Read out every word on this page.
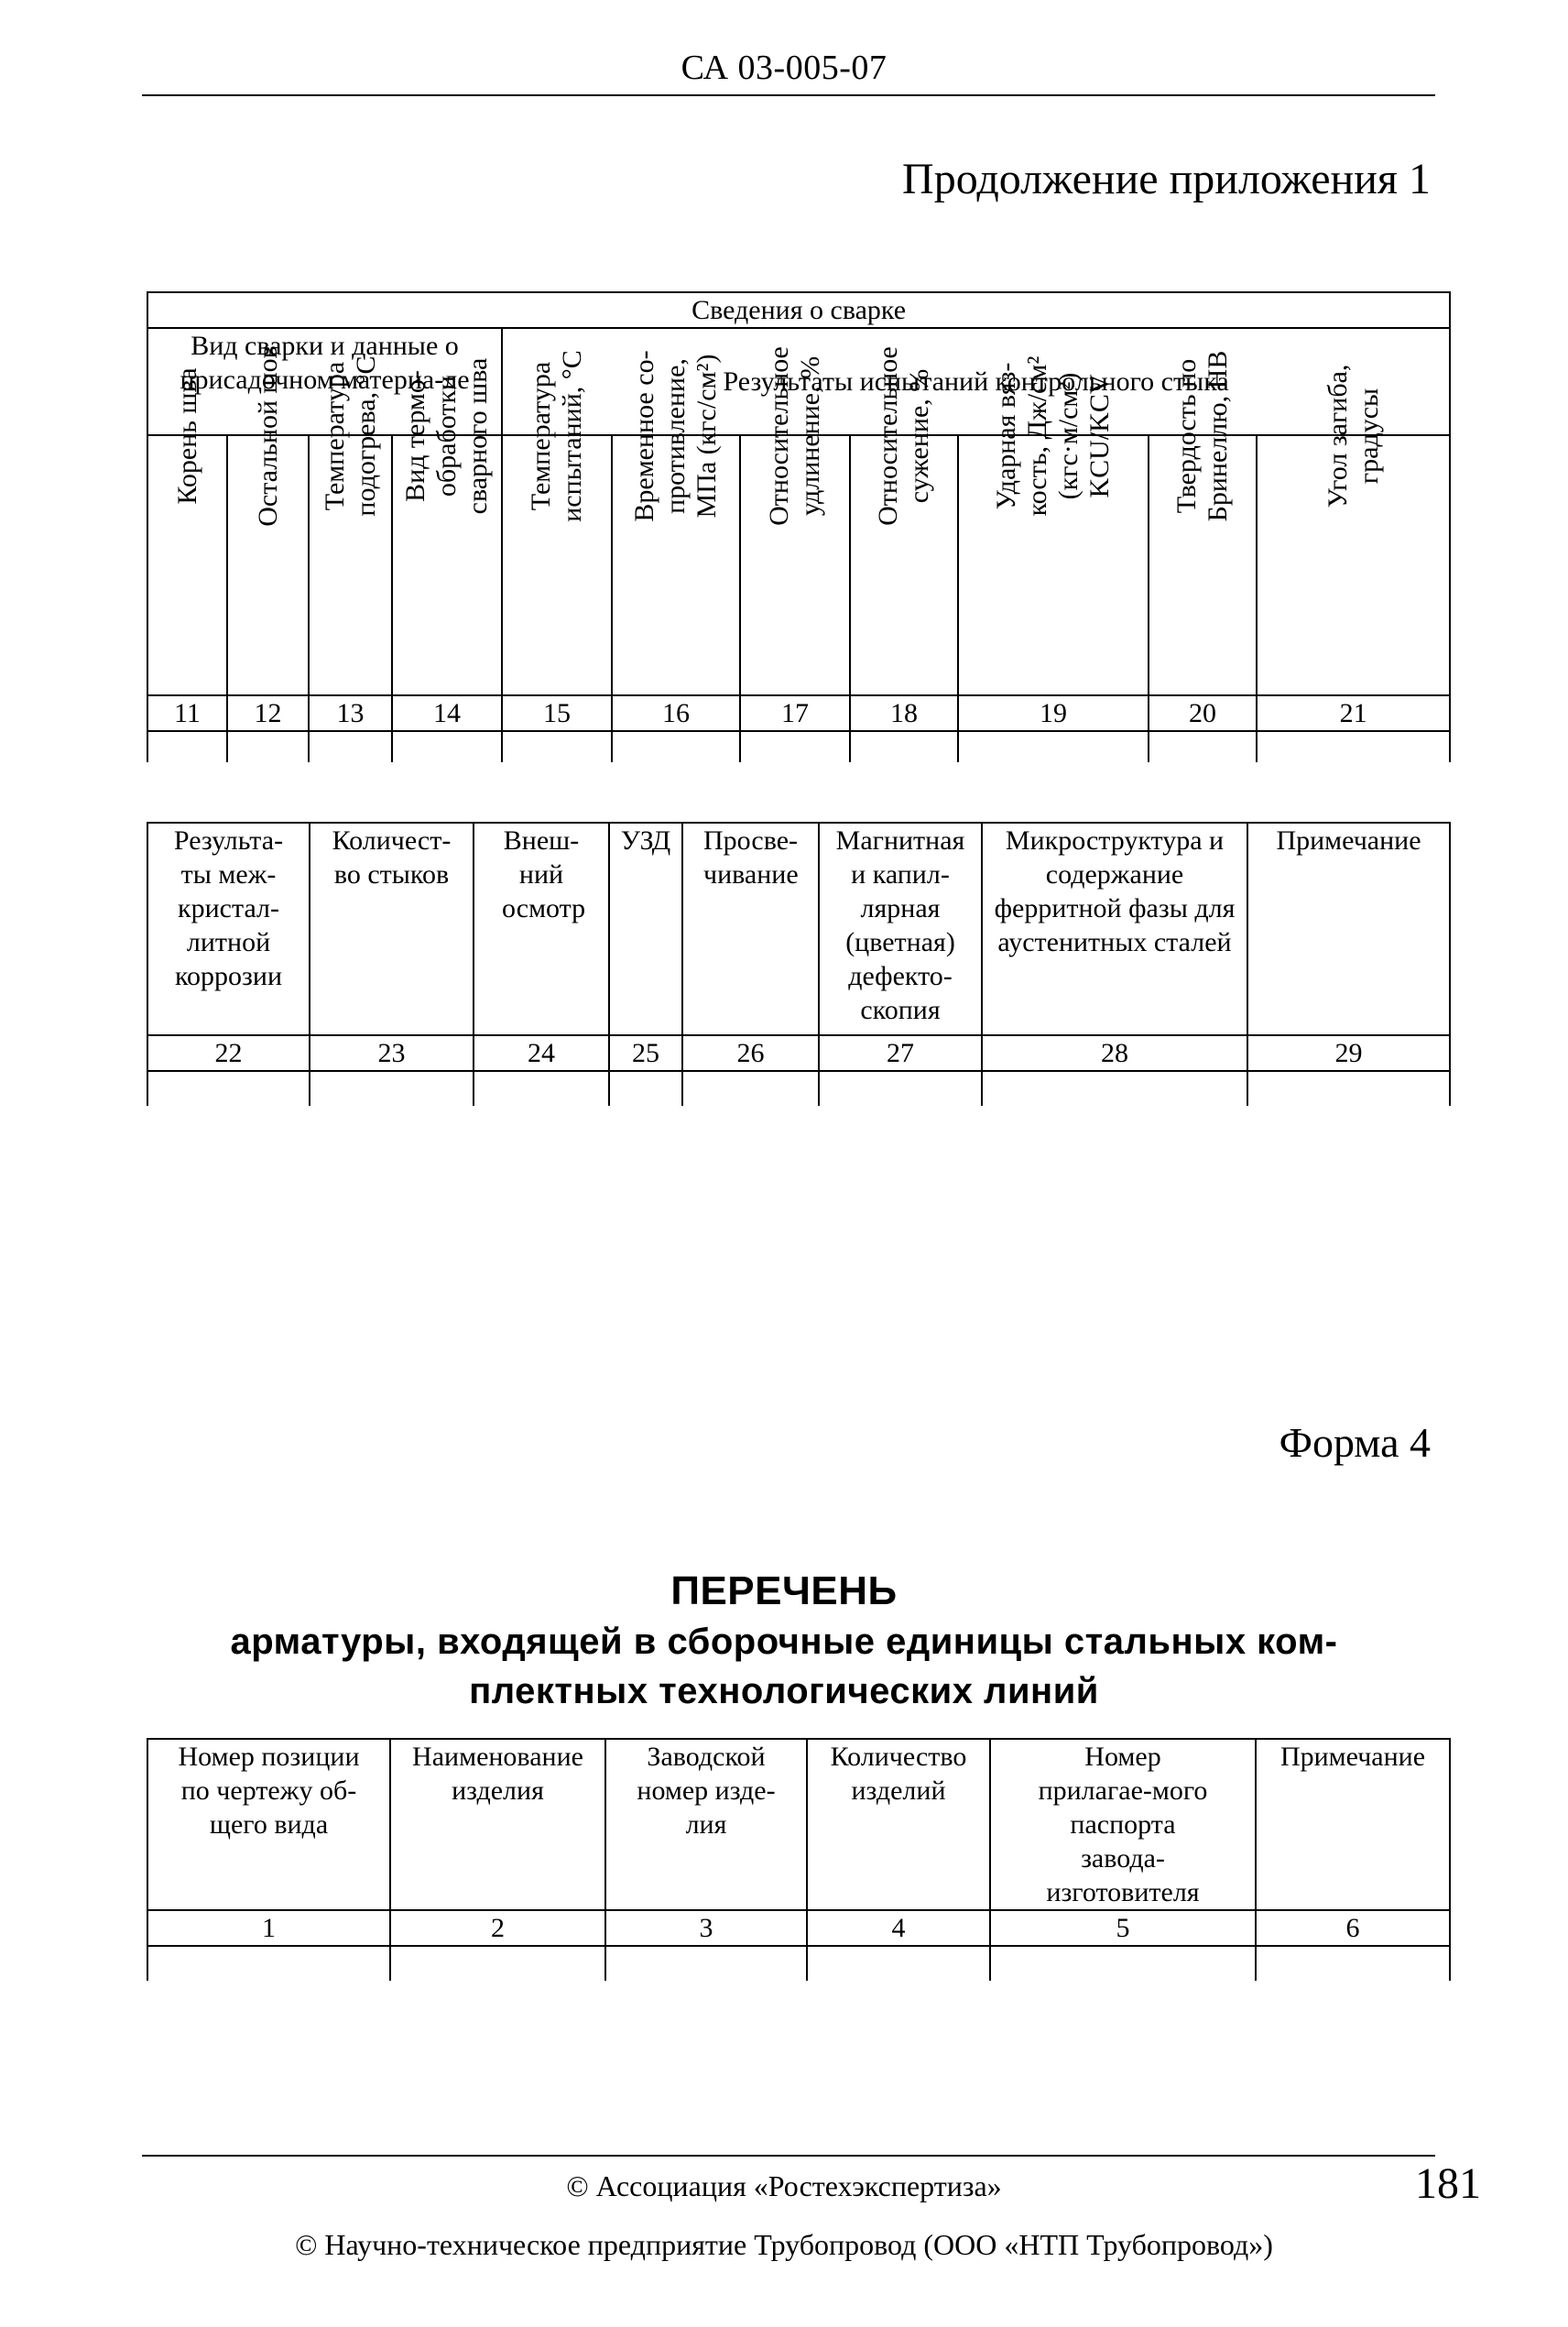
СА 03-005-07
Продолжение приложения 1
Сведения о сварке										
Вид сварки и данные о присадочном материа-ле				Результаты испытаний контрольного стыка						

Корень шва	Остальной шов	Температура подогрева, °С	Вид термо-обработки сварного шва	Температура испытаний, °С	Временное со-противление, МПа (кгс/см²)	Относительное удлинение, %	Относительное сужение, %	Ударная вяз-кость, Дж/см² (кгс·м/см²) KCU/KCV	Твердость по Бринеллю, НВ	Угол загиба, градусы

11	12	13	14	15	16	17	18	19	20	21

Результа-ты меж-кристал-литной коррозии	Количест-во стыков	Внеш-ний осмотр	УЗД	Просве-чивание	Магнитная и капил-лярная (цветная) дефекто-скопия	Микроструктура и содержание ферритной фазы для аустенитных сталей	Примечание
22	23	24	25	26	27	28	29

Форма 4
ПЕРЕЧЕНЬ
арматуры, входящей в сборочные единицы стальных ком-
плектных технологических линий
Номер позиции по чертежу об-щего вида	Наименование изделия	Заводской номер изде-лия	Количество изделий	Номер прилагае-мого паспорта завода-изготовителя	Примечание
1	2	3	4	5	6

© Ассоциация «Ростехэкспертиза»
© Научно-техническое предприятие Трубопровод (ООО «НТП Трубопровод»)
181
